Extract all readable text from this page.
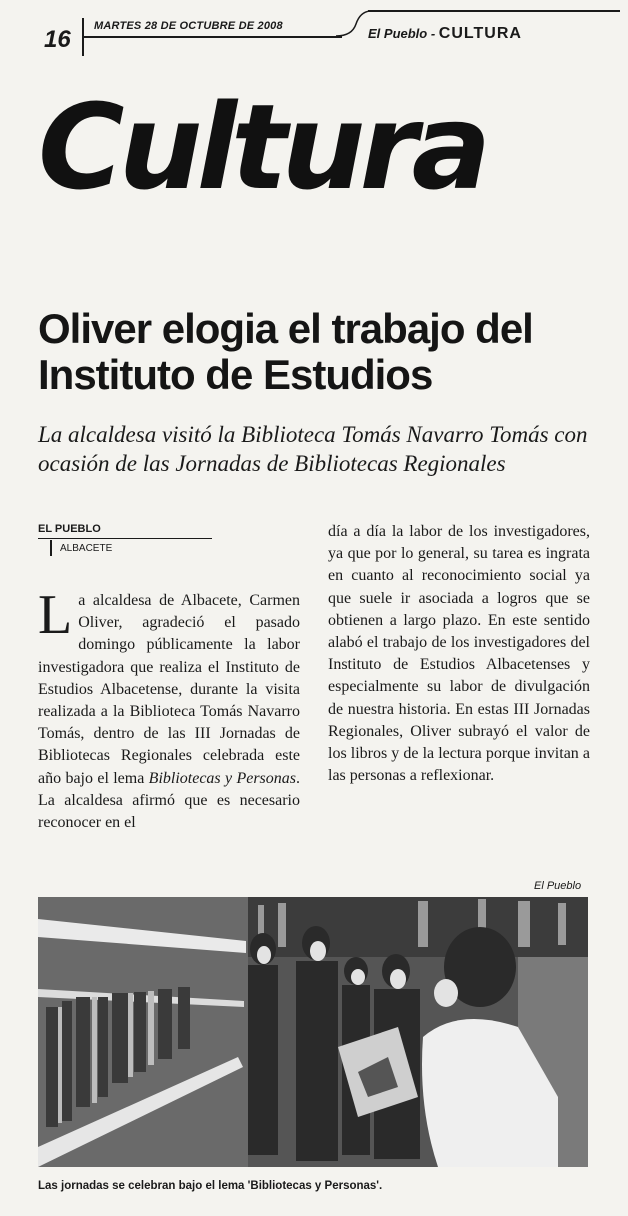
16 MARTES 28 DE OCTUBRE DE 2008	El Pueblo - CULTURA
Cultura
Oliver elogia el trabajo del Instituto de Estudios
La alcaldesa visitó la Biblioteca Tomás Navarro Tomás con ocasión de las Jornadas de Bibliotecas Regionales
EL PUEBLO
ALBACETE
La alcaldesa de Albacete, Carmen Oliver, agradeció el pasado domingo públicamente la labor investigadora que realiza el Instituto de Estudios Albacetense, durante la visita realizada a la Biblioteca Tomás Navarro Tomás, dentro de las III Jornadas de Bibliotecas Regionales celebrada este año bajo el lema Bibliotecas y Personas. La alcaldesa afirmó que es necesario reconocer en el
día a día la labor de los investigadores, ya que por lo general, su tarea es ingrata en cuanto al reconocimiento social ya que suele ir asociada a logros que se obtienen a largo plazo. En este sentido alabó el trabajo de los investigadores del Instituto de Estudios Albacetenses y especialmente su labor de divulgación de nuestra historia. En estas III Jornadas Regionales, Oliver subrayó el valor de los libros y de la lectura porque invitan a las personas a reflexionar.
El Pueblo
Las jornadas se celebran bajo el lema 'Bibliotecas y Personas'.
